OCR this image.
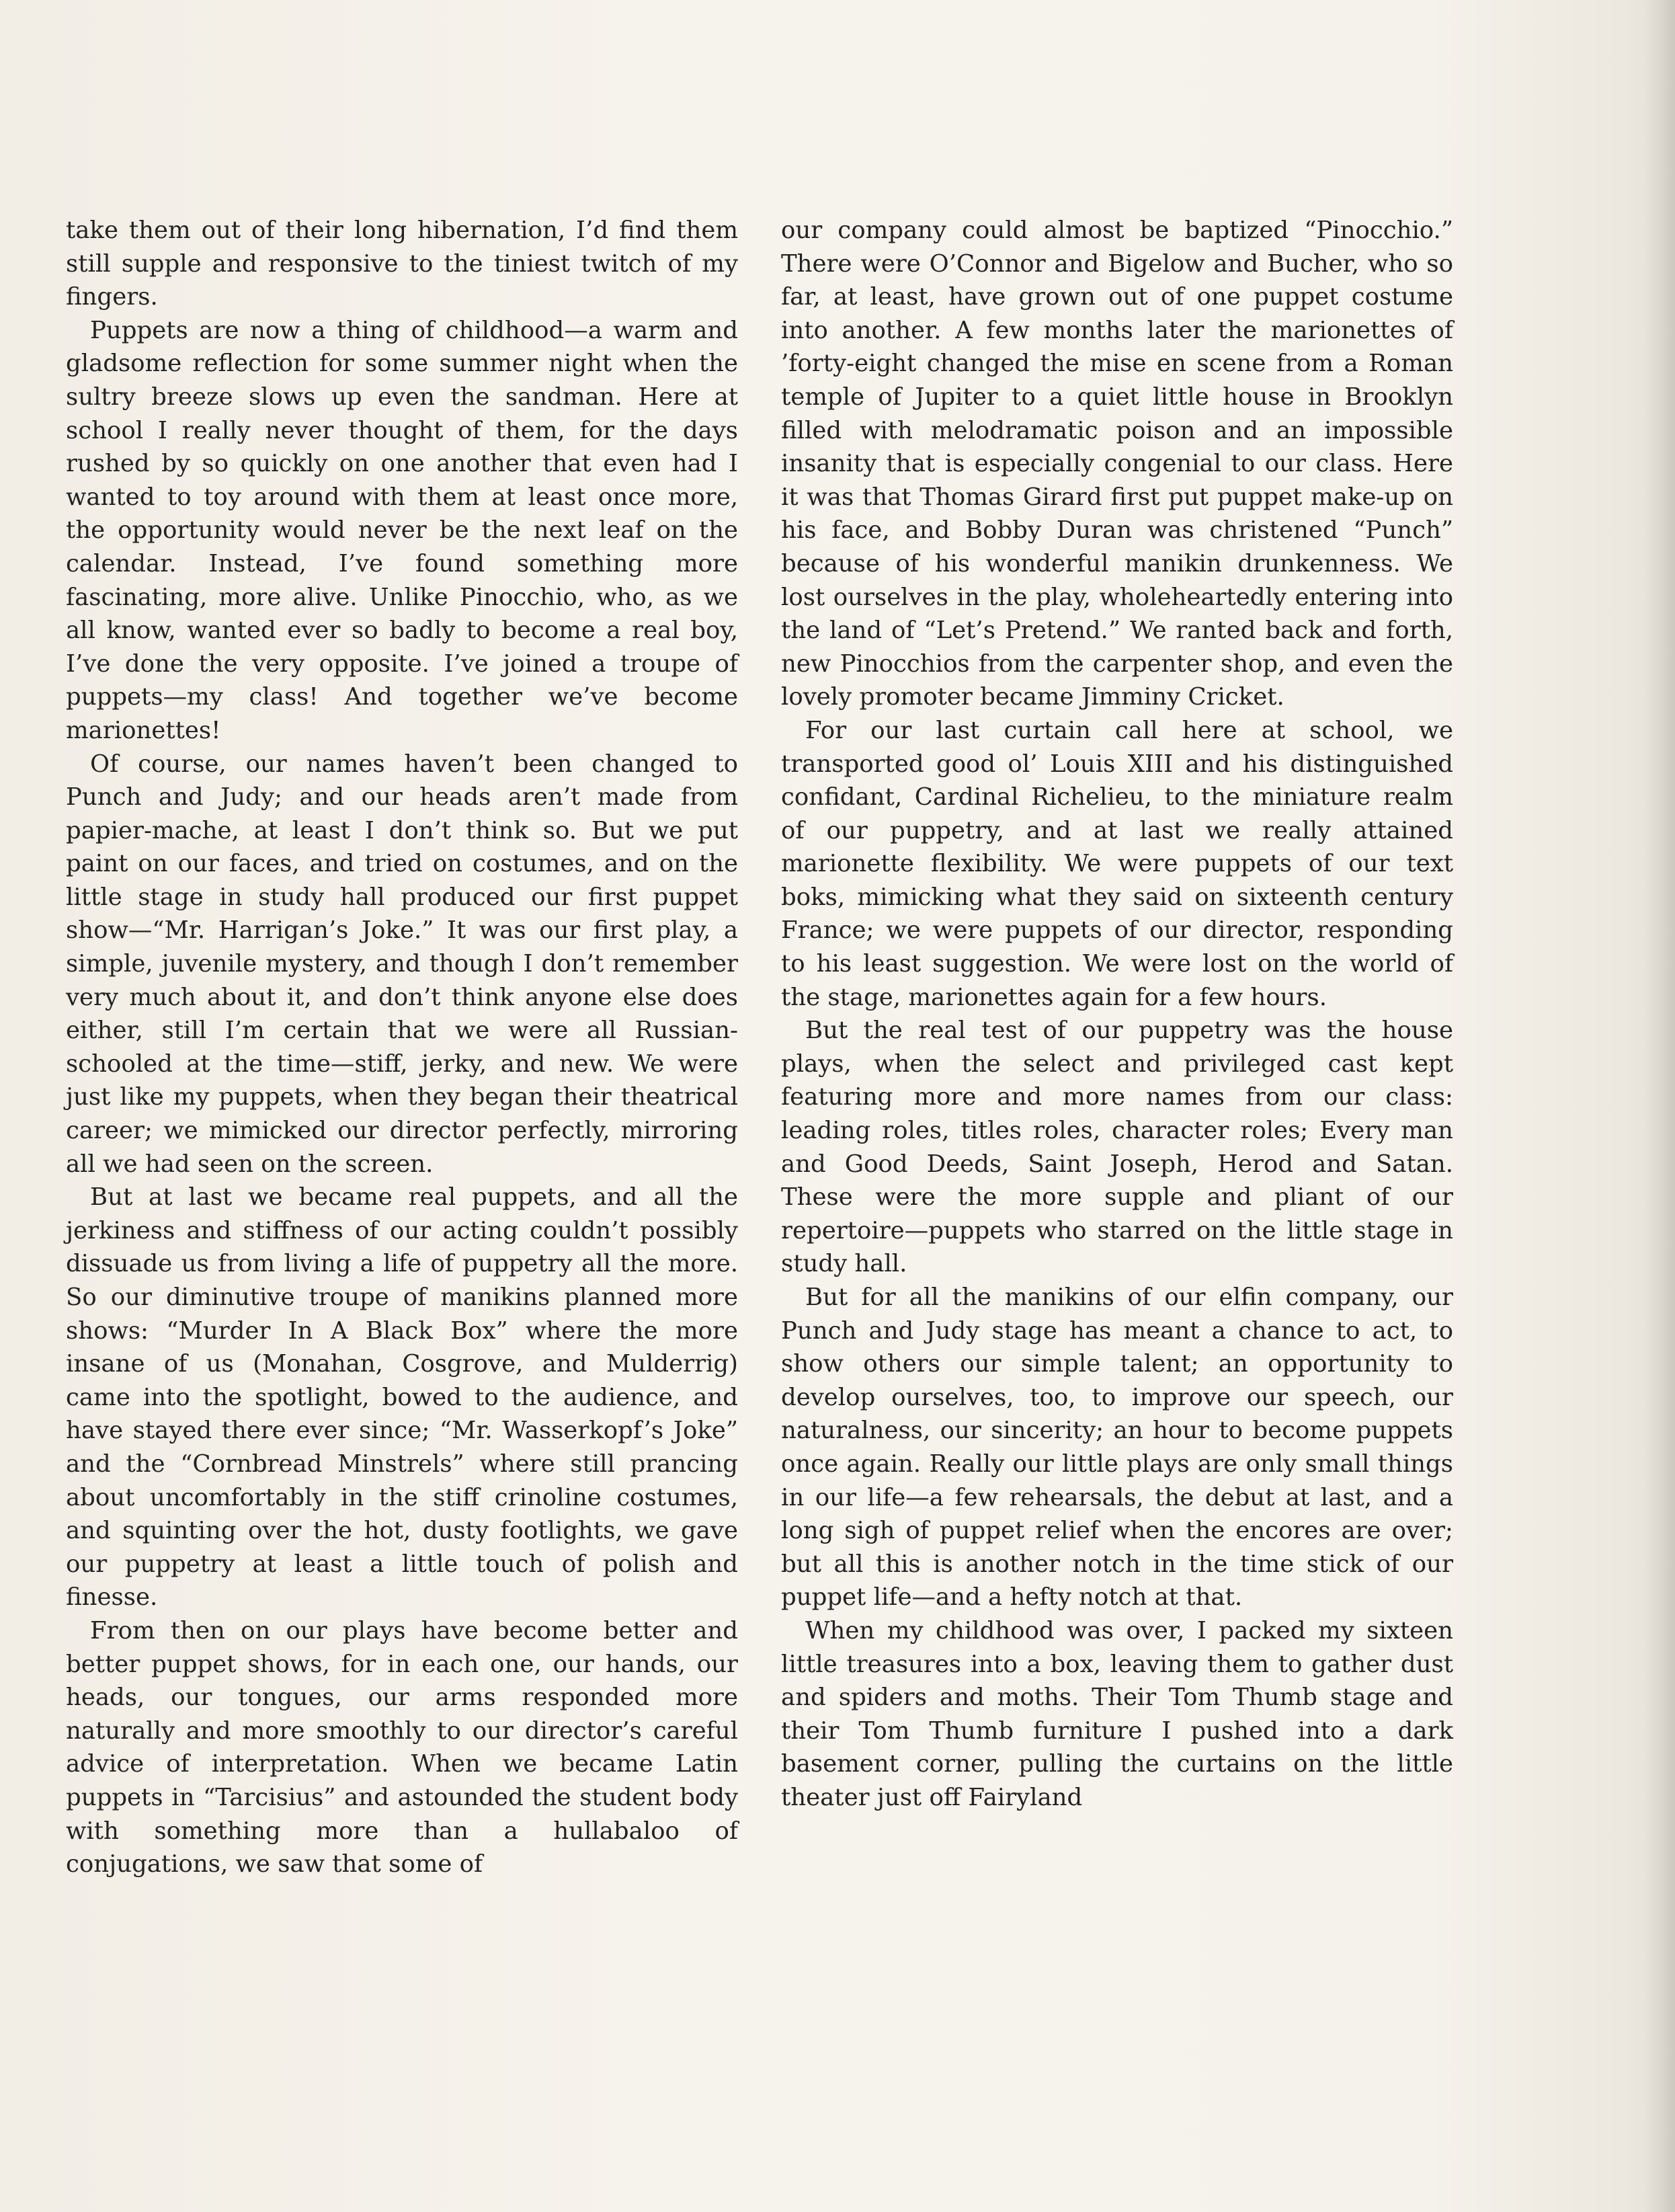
take them out of their long hibernation, I’d find them still supple and responsive to the tiniest twitch of my fingers.

Puppets are now a thing of childhood—a warm and gladsome reflection for some summer night when the sultry breeze slows up even the sandman. Here at school I really never thought of them, for the days rushed by so quickly on one another that even had I wanted to toy around with them at least once more, the opportunity would never be the next leaf on the calendar. Instead, I’ve found something more fascinating, more alive. Unlike Pinocchio, who, as we all know, wanted ever so badly to become a real boy, I’ve done the very opposite. I’ve joined a troupe of puppets—my class! And together we’ve become marionettes!

Of course, our names haven’t been changed to Punch and Judy; and our heads aren’t made from papier-mache, at least I don’t think so. But we put paint on our faces, and tried on costumes, and on the little stage in study hall produced our first puppet show—“Mr. Harrigan’s Joke.” It was our first play, a simple, juvenile mystery, and though I don’t remember very much about it, and don’t think anyone else does either, still I’m certain that we were all Russian-schooled at the time—stiff, jerky, and new. We were just like my puppets, when they began their theatrical career; we mimicked our director perfectly, mirroring all we had seen on the screen.

But at last we became real puppets, and all the jerkiness and stiffness of our acting couldn’t possibly dissuade us from living a life of puppetry all the more. So our diminutive troupe of manikins planned more shows: “Murder In A Black Box” where the more insane of us (Monahan, Cosgrove, and Mulderrig) came into the spotlight, bowed to the audience, and have stayed there ever since; “Mr. Wasserkopf’s Joke” and the “Cornbread Minstrels” where still prancing about uncomfortably in the stiff crinoline costumes, and squinting over the hot, dusty footlights, we gave our puppetry at least a little touch of polish and finesse.

From then on our plays have become better and better puppet shows, for in each one, our hands, our heads, our tongues, our arms responded more naturally and more smoothly to our director’s careful advice of interpretation. When we became Latin puppets in “Tarcisius” and astounded the student body with something more than a hullabaloo of conjugations, we saw that some of

our company could almost be baptized “Pinocchio.” There were O’Connor and Bigelow and Bucher, who so far, at least, have grown out of one puppet costume into another. A few months later the marionettes of ’forty-eight changed the mise en scene from a Roman temple of Jupiter to a quiet little house in Brooklyn filled with melodramatic poison and an impossible insanity that is especially congenial to our class. Here it was that Thomas Girard first put puppet make-up on his face, and Bobby Duran was christened “Punch” because of his wonderful manikin drunkenness. We lost ourselves in the play, wholeheartedly entering into the land of “Let’s Pretend.” We ranted back and forth, new Pinocchios from the carpenter shop, and even the lovely promoter became Jimminy Cricket.

For our last curtain call here at school, we transported good ol’ Louis XIII and his distinguished confidant, Cardinal Richelieu, to the miniature realm of our puppetry, and at last we really attained marionette flexibility. We were puppets of our text boks, mimicking what they said on sixteenth century France; we were puppets of our director, responding to his least suggestion. We were lost on the world of the stage, marionettes again for a few hours.

But the real test of our puppetry was the house plays, when the select and privileged cast kept featuring more and more names from our class: leading roles, titles roles, character roles; Every man and Good Deeds, Saint Joseph, Herod and Satan. These were the more supple and pliant of our repertoire—puppets who starred on the little stage in study hall.

But for all the manikins of our elfin company, our Punch and Judy stage has meant a chance to act, to show others our simple talent; an opportunity to develop ourselves, too, to improve our speech, our naturalness, our sincerity; an hour to become puppets once again. Really our little plays are only small things in our life—a few rehearsals, the debut at last, and a long sigh of puppet relief when the encores are over; but all this is another notch in the time stick of our puppet life—and a hefty notch at that.

When my childhood was over, I packed my sixteen little treasures into a box, leaving them to gather dust and spiders and moths. Their Tom Thumb stage and their Tom Thumb furniture I pushed into a dark basement corner, pulling the curtains on the little theater just off Fairyland
